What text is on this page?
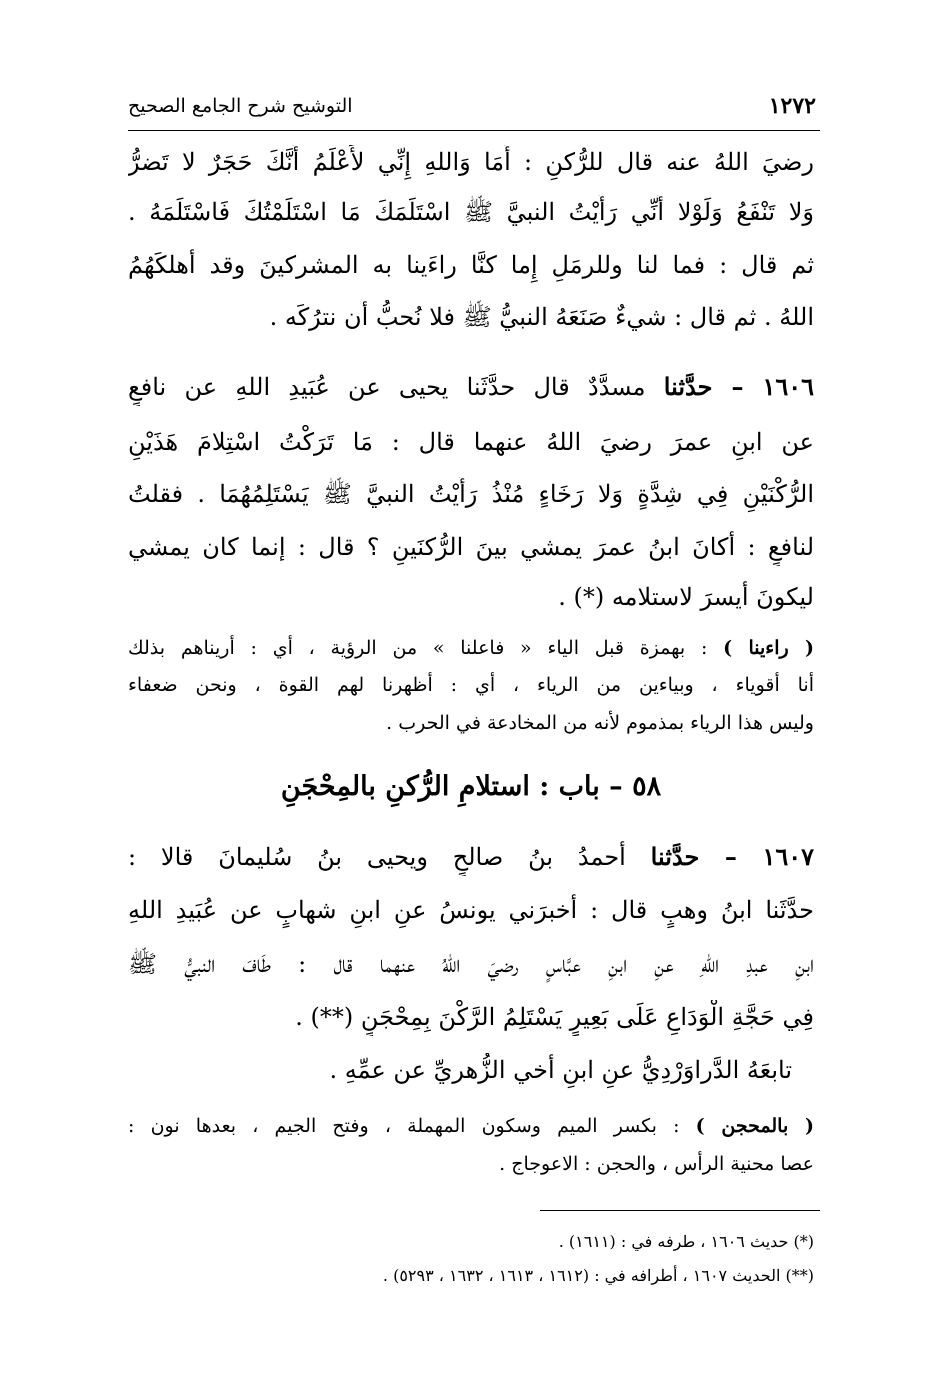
١٢٧٢
التوشيح شرح الجامع الصحيح
رضيَ اللهُ عنه قال للرُّكنِ : أَمَا وَاللهِ إِنِّي لأَعْلَمُ أَنَّكَ حَجَرٌ لا تَضرُّ
وَلا تَنْفَعُ وَلَوْلا أَنِّي رَأَيْتُ النبيَّ ﷺ اسْتَلَمَكَ مَا اسْتَلَمْتُكَ فَاسْتَلَمَهُ .
ثم قال : فما لنا وللرمَلِ إِما كنَّا راءَينا به المشركينَ وقد أهلكَهُمُ
اللهُ . ثم قال : شيءٌ صَنَعَهُ النبيُّ ﷺ فلا نُحبُّ أن نترُكَه .
١٦٠٦ – حدَّثنا مسدَّدٌ قال حدَّثَنا يحيى عن عُبَيدِ اللهِ عن نافعٍ
عن ابنِ عمرَ رضيَ اللهُ عنهما قال : مَا تَرَكْتُ اسْتِلامَ هَذَيْنِ
الرُّكْنَيْنِ فِي شِدَّةٍ وَلا رَخَاءٍ مُنْذُ رَأَيْتُ النبيَّ ﷺ يَسْتَلِمُهُمَا . فقلتُ
لنافعٍ : أكانَ ابنُ عمرَ يمشي بينَ الرُّكنَينِ ؟ قال : إنما كان يمشي
ليكونَ أيسرَ لاستلامه (*) .
( راءينا ) : بهمزة قبل الياء « فاعلنا » من الرؤية ، أي : أريناهم بذلك
أنا أقوياء ، وبياءين من الرياء ، أي : أظهرنا لهم القوة ، ونحن ضعفاء
وليس هذا الرياء بمذموم لأنه من المخادعة في الحرب .
٥٨ – باب : استلامِ الرُّكنِ بالمِحْجَنِ
١٦٠٧ – حدَّثنا أحمدُ بنُ صالحٍ ويحيى بنُ سُليمانَ قالا :
حدَّثَنا ابنُ وهبٍ قال : أخبرَني يونسُ عنِ ابنِ شهابٍ عن عُبَيدِ اللهِ
ابنِ عبدِ اللهِ عنِ ابنِ عبَّاسٍ رضيَ اللهُ عنهما قال : طَافَ النبيُّ ﷺ
فِي حَجَّةِ الْوَدَاعِ عَلَى بَعِيرٍ يَسْتَلِمُ الرَّكْنَ بِمِحْجَنٍ (**) .
تابعَهُ الدَّراوَرْدِيُّ عنِ ابنِ أخي الزُّهريِّ عن عمِّهِ .
( بالمحجن ) : بكسر الميم وسكون المهملة ، وفتح الجيم ، بعدها نون :
عصا محنية الرأس ، والحجن : الاعوجاج .
(*) حديث ١٦٠٦ ، طرفه في : (١٦١١) .
(**) الحديث ١٦٠٧ ، أطرافه في : (١٦١٢ ، ١٦١٣ ، ١٦٣٢ ، ٥٢٩٣) .
